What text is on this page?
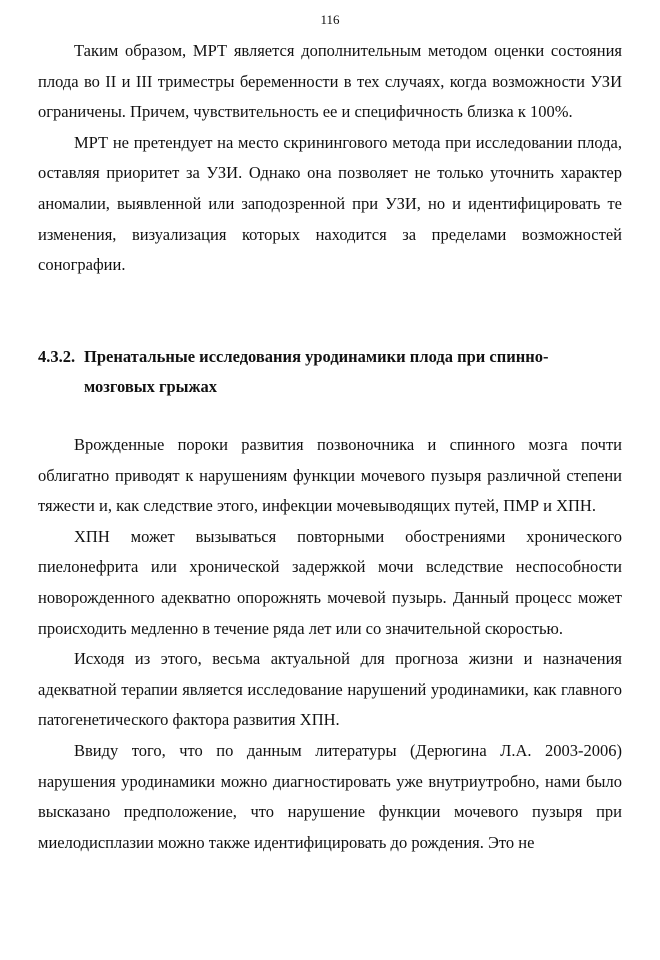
116

Таким образом, МРТ является дополнительным методом оценки состояния плода во II и III триместры беременности в тех случаях, когда возможности УЗИ ограничены. Причем, чувствительность ее и специфичность близка к 100%.

МРТ не претендует на место скринингового метода при исследовании плода, оставляя приоритет за УЗИ. Однако она позволяет не только уточнить характер аномалии, выявленной или заподозренной при УЗИ, но и идентифицировать те изменения, визуализация которых находится за пределами возможностей сонографии.

4.3.2. Пренатальные исследования уродинамики плода при спинно-
мозговых грыжах

Врожденные пороки развития позвоночника и спинного мозга почти облигатно приводят к нарушениям функции мочевого пузыря различной степени тяжести и, как следствие этого, инфекции мочевыводящих путей, ПМР и ХПН.

ХПН может вызываться повторными обострениями хронического пиелонефрита или хронической задержкой мочи вследствие неспособности новорожденного адекватно опорожнять мочевой пузырь. Данный процесс может происходить медленно в течение ряда лет или со значительной скоростью.

Исходя из этого, весьма актуальной для прогноза жизни и назначения адекватной терапии является исследование нарушений уродинамики, как главного патогенетического фактора развития ХПН.

Ввиду того, что по данным литературы (Дерюгина Л.А. 2003-2006) нарушения уродинамики можно диагностировать уже внутриутробно, нами было высказано предположение, что нарушение функции мочевого пузыря при миелодисплазии можно также идентифицировать до рождения. Это не
